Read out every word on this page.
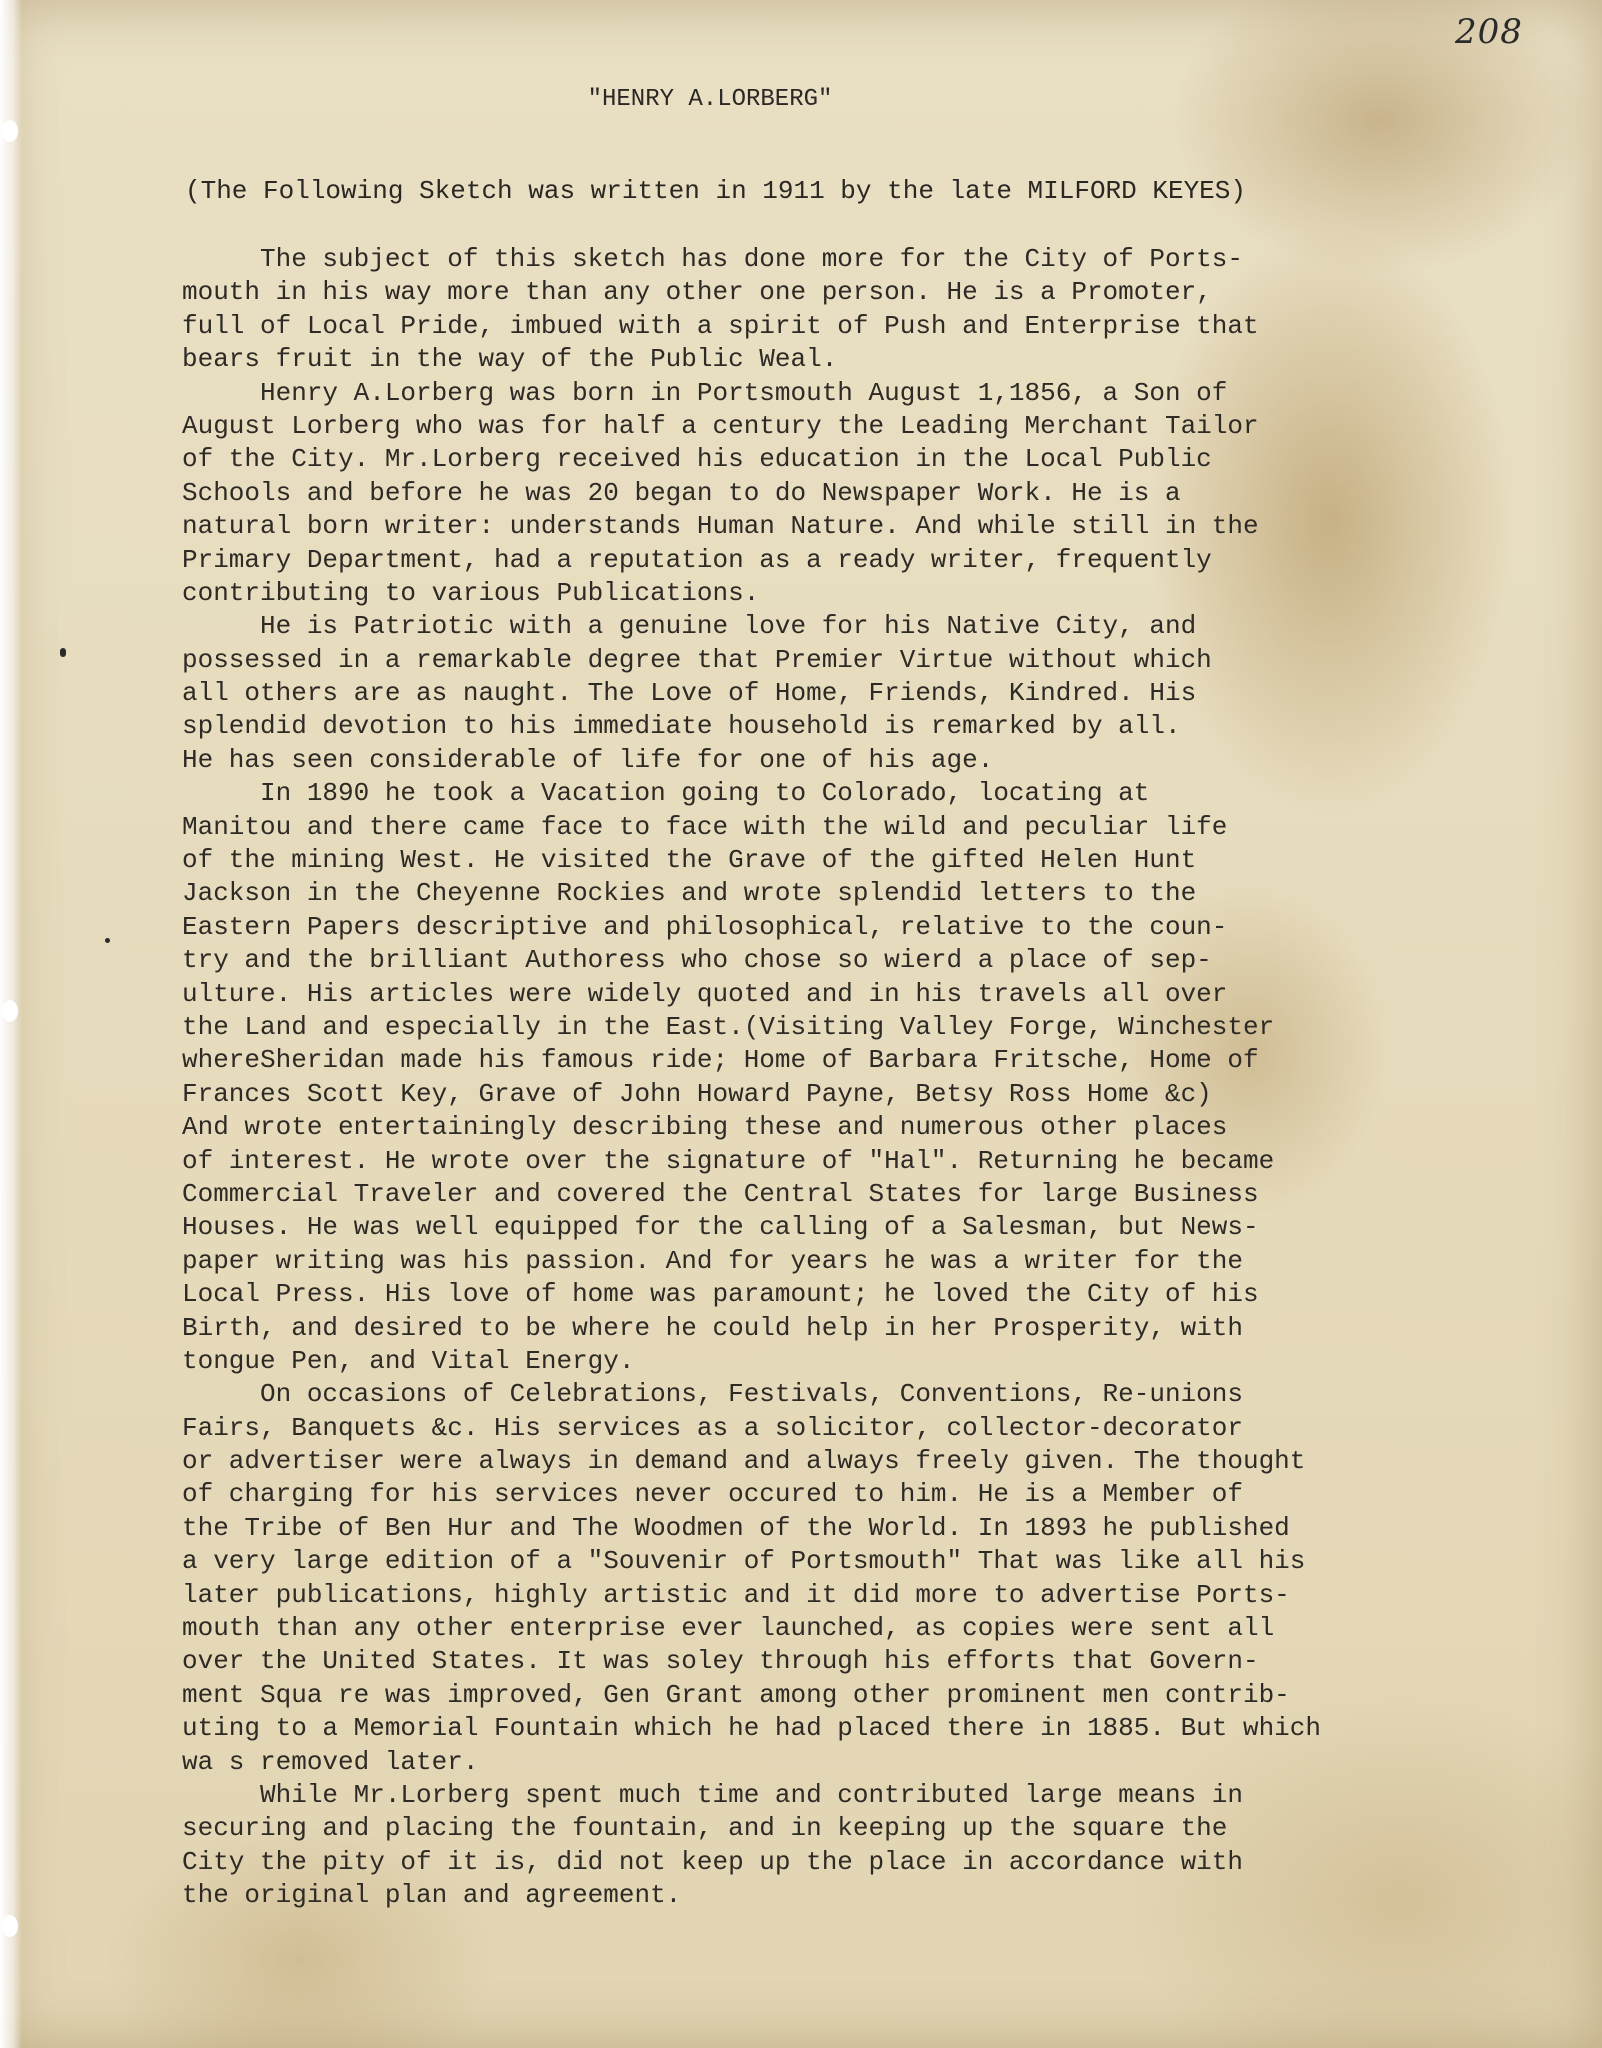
208
"HENRY A.LORBERG"
(The Following Sketch was written in 1911 by the late MILFORD KEYES)
The subject of this sketch has done more for the City of Ports-
mouth in his way more than any other one person. He is a Promoter,
full of Local Pride, imbued with a spirit of Push and Enterprise that
bears fruit in the way of the Public Weal.
Henry A.Lorberg was born in Portsmouth August 1,1856, a Son of
August Lorberg who was for half a century the Leading Merchant Tailor
of the City. Mr.Lorberg received his education in the Local Public
Schools and before he was 20 began to do Newspaper Work. He is a
natural born writer: understands Human Nature. And while still in the
Primary Department, had a reputation as a ready writer, frequently
contributing to various Publications.
He is Patriotic with a genuine love for his Native City, and
possessed in a remarkable degree that Premier Virtue without which
all others are as naught. The Love of Home, Friends, Kindred. His
splendid devotion to his immediate household is remarked by all.
He has seen considerable of life for one of his age.
In 1890 he took a Vacation going to Colorado, locating at
Manitou and there came face to face with the wild and peculiar life
of the mining West. He visited the Grave of the gifted Helen Hunt
Jackson in the Cheyenne Rockies and wrote splendid letters to the
Eastern Papers descriptive and philosophical, relative to the coun-
try and the brilliant Authoress who chose so wierd a place of sep-
ulture. His articles were widely quoted and in his travels all over
the Land and especially in the East.(Visiting Valley Forge, Winchester
whereSheridan made his famous ride; Home of Barbara Fritsche, Home of
Frances Scott Key, Grave of John Howard Payne, Betsy Ross Home &c)
And wrote entertainingly describing these and numerous other places
of interest. He wrote over the signature of "Hal". Returning he became
Commercial Traveler and covered the Central States for large Business
Houses. He was well equipped for the calling of a Salesman, but News-
paper writing was his passion. And for years he was a writer for the
Local Press. His love of home was paramount; he loved the City of his
Birth, and desired to be where he could help in her Prosperity, with
tongue Pen, and Vital Energy.
On occasions of Celebrations, Festivals, Conventions, Re-unions
Fairs, Banquets &c. His services as a solicitor, collector-decorator
or advertiser were always in demand and always freely given. The thought
of charging for his services never occured to him. He is a Member of
the Tribe of Ben Hur and The Woodmen of the World. In 1893 he published
a very large edition of a "Souvenir of Portsmouth" That was like all his
later publications, highly artistic and it did more to advertise Ports-
mouth than any other enterprise ever launched, as copies were sent all
over the United States. It was soley through his efforts that Govern-
ment Squa re was improved, Gen Grant among other prominent men contrib-
uting to a Memorial Fountain which he had placed there in 1885. But which
wa s removed later.
While Mr.Lorberg spent much time and contributed large means in
securing and placing the fountain, and in keeping up the square the
City the pity of it is, did not keep up the place in accordance with
the original plan and agreement.
